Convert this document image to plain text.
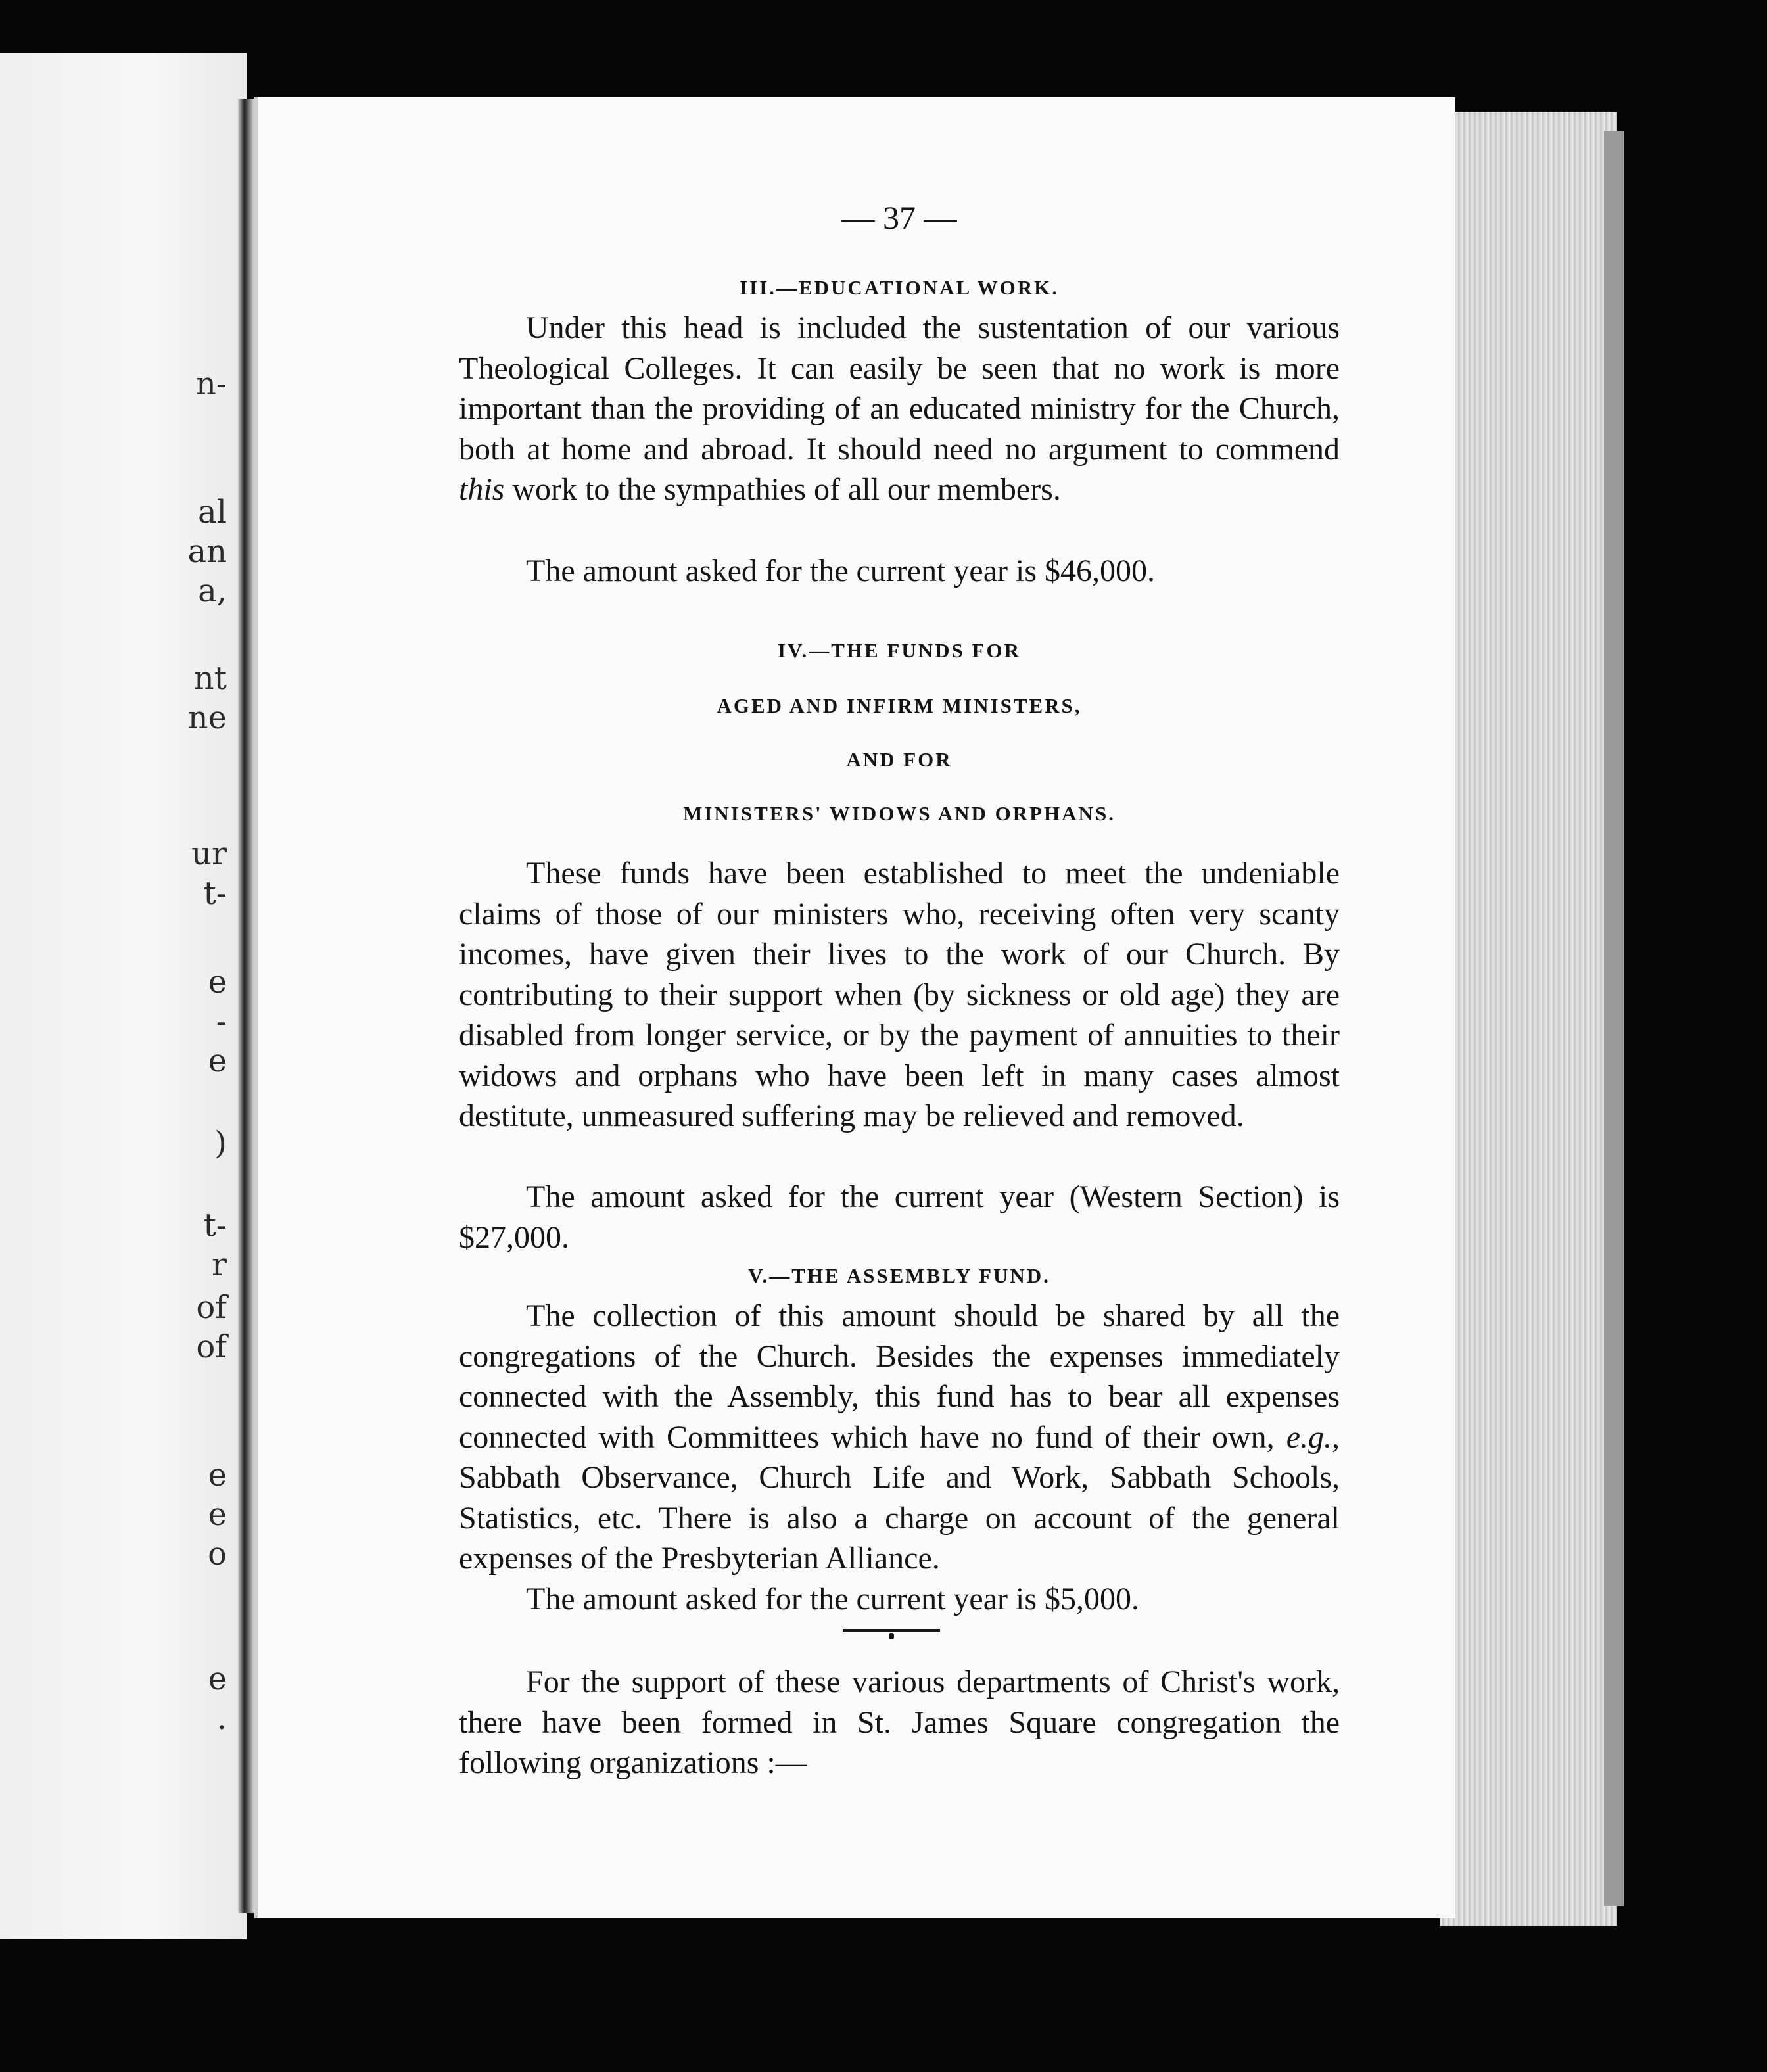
n-
al
an
a,
nt
ne
ur
t-
e
-
e
)
t-
r
of
of
e
e
o
e
.
— 37 —
III.—EDUCATIONAL WORK.

Under this head is included the sustentation of our various Theological Colleges. It can easily be seen that no work is more important than the providing of an educated ministry for the Church, both at home and abroad. It should need no argument to commend this work to the sympathies of all our members.

The amount asked for the current year is $46,000.

IV.—THE FUNDS FOR
AGED AND INFIRM MINISTERS,
AND FOR
MINISTERS' WIDOWS AND ORPHANS.

These funds have been established to meet the undeniable claims of those of our ministers who, receiving often very scanty incomes, have given their lives to the work of our Church. By contributing to their support when (by sickness or old age) they are disabled from longer service, or by the payment of annuities to their widows and orphans who have been left in many cases almost destitute, unmeasured suffering may be relieved and removed.

The amount asked for the current year (Western Section) is $27,000.

V.—THE ASSEMBLY FUND.

The collection of this amount should be shared by all the congregations of the Church. Besides the expenses immediately connected with the Assembly, this fund has to bear all expenses connected with Committees which have no fund of their own, e.g., Sabbath Observance, Church Life and Work, Sabbath Schools, Statistics, etc. There is also a charge on account of the general expenses of the Presbyterian Alliance.

The amount asked for the current year is $5,000.

For the support of these various departments of Christ's work, there have been formed in St. James Square congregation the following organizations :—
